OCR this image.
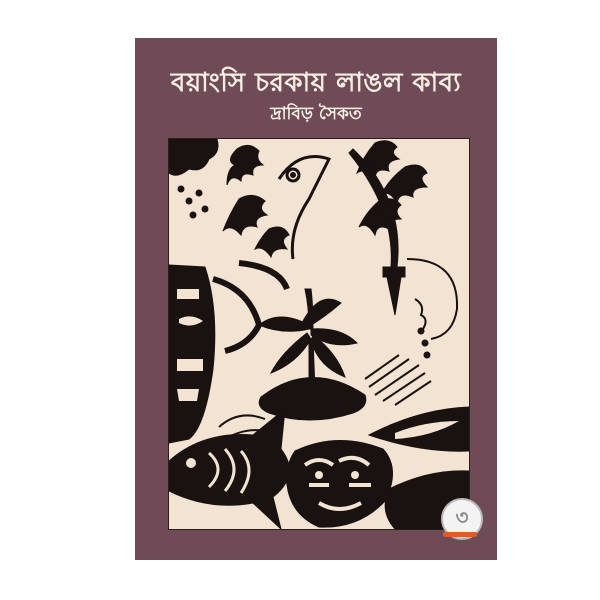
বয়াংসি চরকায় লাঙল কাব্য
দ্রাবিড় সৈকত
৩
